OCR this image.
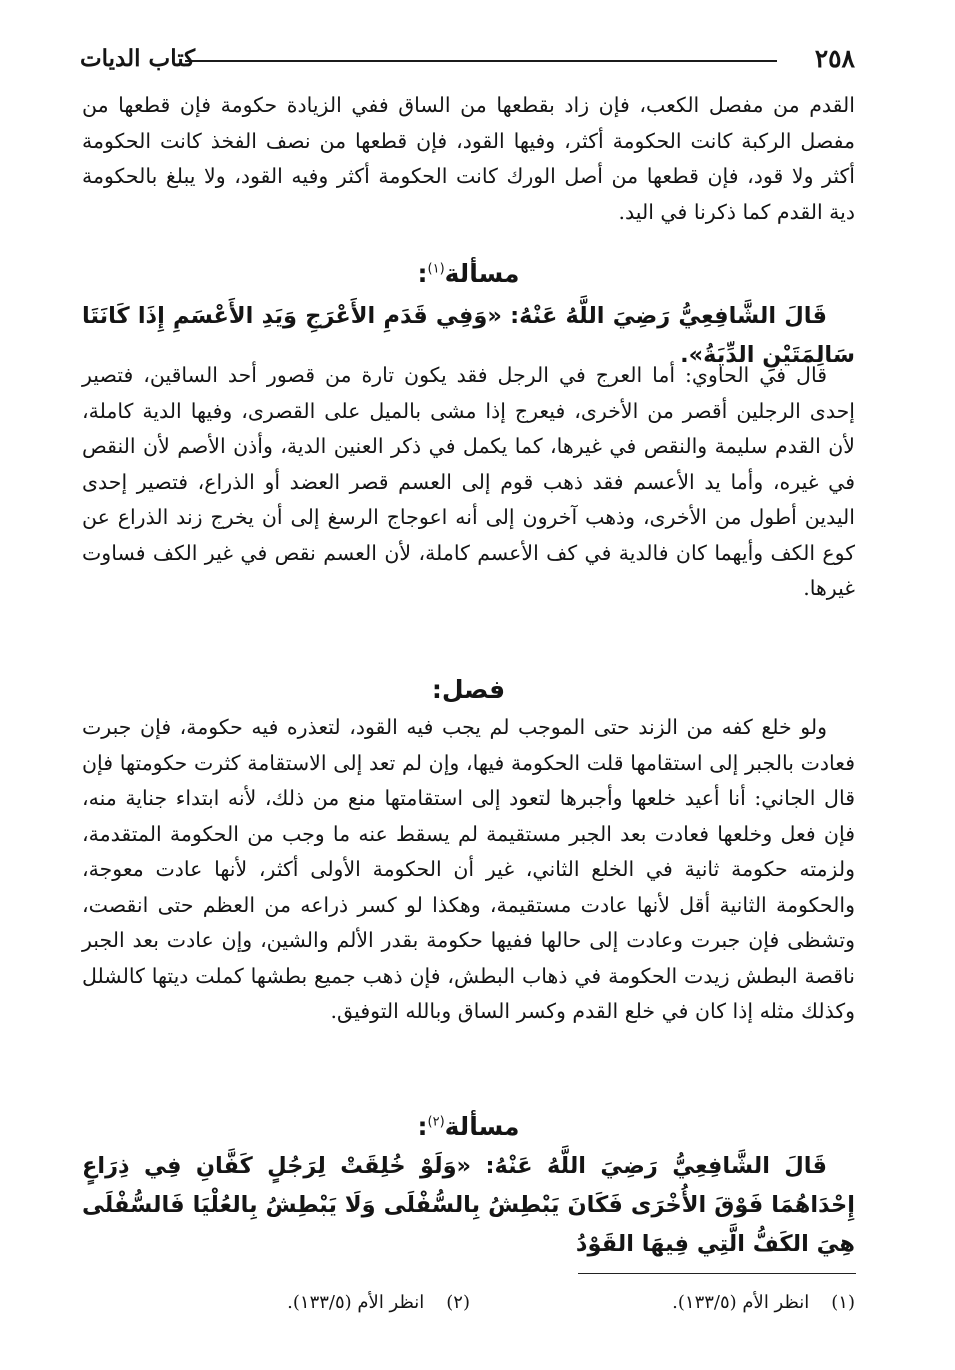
٢٥٨
كتاب الديات

القدم من مفصل الكعب، فإن زاد بقطعها من الساق ففي الزيادة حكومة فإن قطعها من مفصل الركبة كانت الحكومة أكثر، وفيها القود، فإن قطعها من نصف الفخذ كانت الحكومة أكثر ولا قود، فإن قطعها من أصل الورك كانت الحكومة أكثر وفيه القود، ولا يبلغ بالحكومة دية القدم كما ذكرنا في اليد.

مسألة$^{(١)}$:

قَالَ الشَّافِعِيُّ رَضِيَ اللَّهُ عَنْهُ: «وَفِي قَدَمِ الأَعْرَجِ وَيَدِ الأَعْسَمِ إِذَا كَانَتَا سَالِمَتَيْنِ الدِّيَةُ».

قال في الحاوي: أما العرج في الرجل فقد يكون تارة من قصور أحد الساقين، فتصير إحدى الرجلين أقصر من الأخرى، فيعرج إذا مشى بالميل على القصرى، وفيها الدية كاملة، لأن القدم سليمة والنقص في غيرها، كما يكمل في ذكر العنين الدية، وأذن الأصم لأن النقص في غيره، وأما يد الأعسم فقد ذهب قوم إلى العسم قصر العضد أو الذراع، فتصير إحدى اليدين أطول من الأخرى، وذهب آخرون إلى أنه اعوجاج الرسغ إلى أن يخرج زند الذراع عن كوع الكف وأيهما كان فالدية في كف الأعسم كاملة، لأن العسم نقص في غير الكف فساوت غيرها.

فصل:

ولو خلع كفه من الزند حتى الموجب لم يجب فيه القود، لتعذره فيه حكومة، فإن جبرت فعادت بالجبر إلى استقامها قلت الحكومة فيها، وإن لم تعد إلى الاستقامة كثرت حكومتها فإن قال الجاني: أنا أعيد خلعها وأجبرها لتعود إلى استقامتها منع من ذلك، لأنه ابتداء جناية منه، فإن فعل وخلعها فعادت بعد الجبر مستقيمة لم يسقط عنه ما وجب من الحكومة المتقدمة، ولزمته حكومة ثانية في الخلع الثاني، غير أن الحكومة الأولى أكثر، لأنها عادت معوجة، والحكومة الثانية أقل لأنها عادت مستقيمة، وهكذا لو كسر ذراعه من العظم حتى انقصت، وتشظى فإن جبرت وعادت إلى حالها ففيها حكومة بقدر الألم والشين، وإن عادت بعد الجبر ناقصة البطش زيدت الحكومة في ذهاب البطش، فإن ذهب جميع بطشها كملت ديتها كالشلل وكذلك مثله إذا كان في خلع القدم وكسر الساق وبالله التوفيق.

مسألة$^{(٢)}$:

قَالَ الشَّافِعِيُّ رَضِيَ اللَّهُ عَنْهُ: «وَلَوْ خُلِقَتْ لِرَجُلٍ كَفَّانِ فِي ذِرَاعٍ إِحْدَاهُمَا فَوْقَ الأُخْرَى فَكَانَ يَبْطِشُ بِالسُّفْلَى وَلَا يَبْطِشُ بِالعُلْيَا فَالسُّفْلَى هِيَ الكَفُّ الَّتِي فِيهَا القَوْدُ

(١)انظر الأم (١٣٣/٥).
(٢)انظر الأم (١٣٣/٥).
